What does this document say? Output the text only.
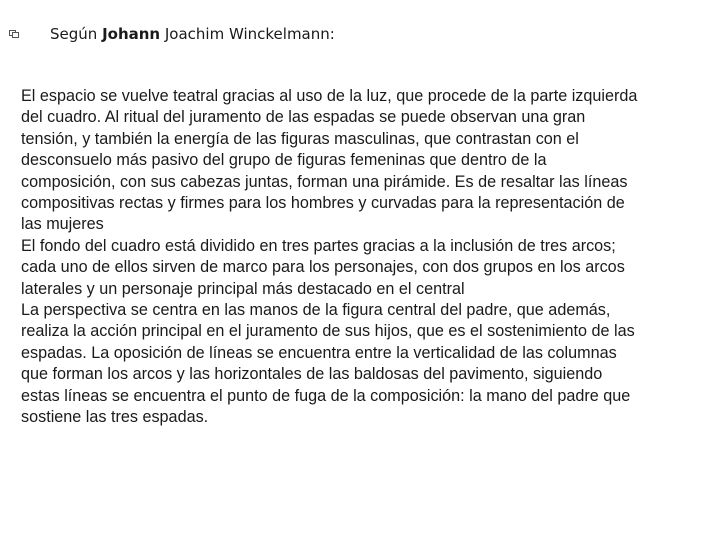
Según Johann Joachim Winckelmann:
El espacio se vuelve teatral gracias al uso de la luz, que procede de la parte izquierda
del cuadro. Al ritual del juramento de las espadas se puede observan una gran
tensión, y también la energía de las figuras masculinas, que contrastan con el
desconsuelo más pasivo del grupo de figuras femeninas que dentro de la
composición, con sus cabezas juntas, forman una pirámide. Es de resaltar las líneas
compositivas rectas y firmes para los hombres y curvadas para la representación de
las mujeres
El fondo del cuadro está dividido en tres partes gracias a la inclusión de tres arcos;
cada uno de ellos sirven de marco para los personajes, con dos grupos en los arcos
laterales y un personaje principal más destacado en el central
La perspectiva se centra en las manos de la figura central del padre, que además,
realiza la acción principal en el juramento de sus hijos, que es el sostenimiento de las
espadas. La oposición de líneas se encuentra entre la verticalidad de las columnas
que forman los arcos y las horizontales de las baldosas del pavimento, siguiendo
estas líneas se encuentra el punto de fuga de la composición: la mano del padre que
sostiene las tres espadas.
